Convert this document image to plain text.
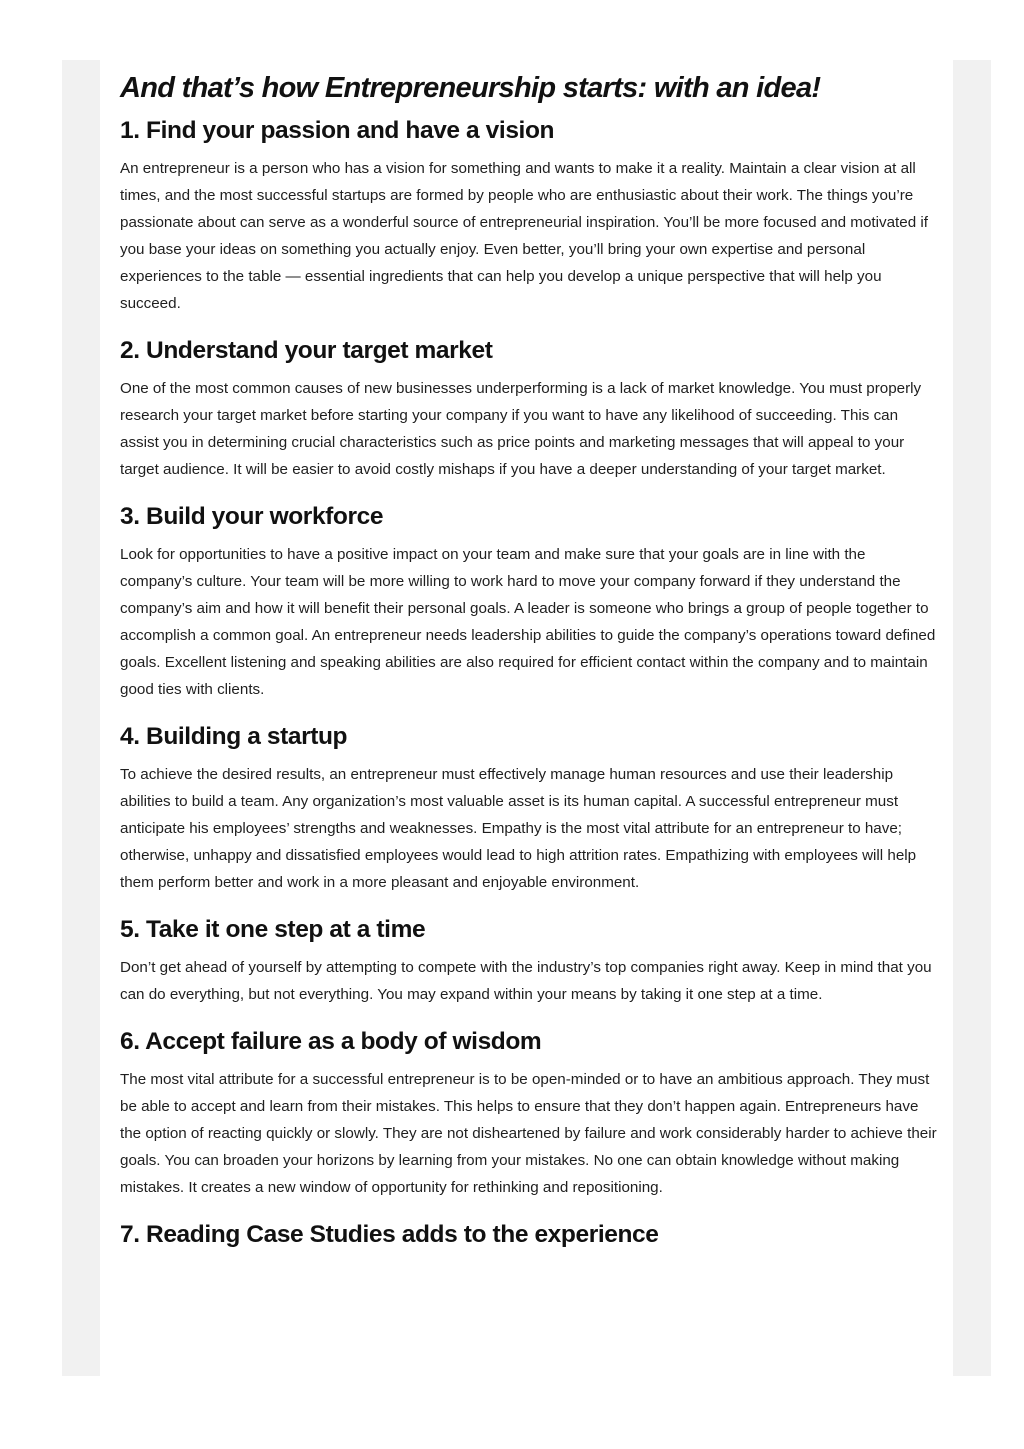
And that’s how Entrepreneurship starts: with an idea!
1. Find your passion and have a vision

An entrepreneur is a person who has a vision for something and wants to make it a reality. Maintain a clear vision at all times, and the most successful startups are formed by people who are enthusiastic about their work. The things you’re passionate about can serve as a wonderful source of entrepreneurial inspiration. You’ll be more focused and motivated if you base your ideas on something you actually enjoy. Even better, you’ll bring your own expertise and personal experiences to the table — essential ingredients that can help you develop a unique perspective that will help you succeed.

2. Understand your target market

One of the most common causes of new businesses underperforming is a lack of market knowledge. You must properly research your target market before starting your company if you want to have any likelihood of succeeding. This can assist you in determining crucial characteristics such as price points and marketing messages that will appeal to your target audience. It will be easier to avoid costly mishaps if you have a deeper understanding of your target market.

3. Build your workforce

Look for opportunities to have a positive impact on your team and make sure that your goals are in line with the company’s culture. Your team will be more willing to work hard to move your company forward if they understand the company’s aim and how it will benefit their personal goals. A leader is someone who brings a group of people together to accomplish a common goal. An entrepreneur needs leadership abilities to guide the company’s operations toward defined goals. Excellent listening and speaking abilities are also required for efficient contact within the company and to maintain good ties with clients.

4. Building a startup

To achieve the desired results, an entrepreneur must effectively manage human resources and use their leadership abilities to build a team. Any organization’s most valuable asset is its human capital. A successful entrepreneur must anticipate his employees’ strengths and weaknesses. Empathy is the most vital attribute for an entrepreneur to have; otherwise, unhappy and dissatisfied employees would lead to high attrition rates. Empathizing with employees will help them perform better and work in a more pleasant and enjoyable environment.

5. Take it one step at a time

Don’t get ahead of yourself by attempting to compete with the industry’s top companies right away. Keep in mind that you can do everything, but not everything. You may expand within your means by taking it one step at a time.

6. Accept failure as a body of wisdom

The most vital attribute for a successful entrepreneur is to be open-minded or to have an ambitious approach. They must be able to accept and learn from their mistakes. This helps to ensure that they don’t happen again. Entrepreneurs have the option of reacting quickly or slowly. They are not disheartened by failure and work considerably harder to achieve their goals. You can broaden your horizons by learning from your mistakes. No one can obtain knowledge without making mistakes. It creates a new window of opportunity for rethinking and repositioning.

7. Reading Case Studies adds to the experience
